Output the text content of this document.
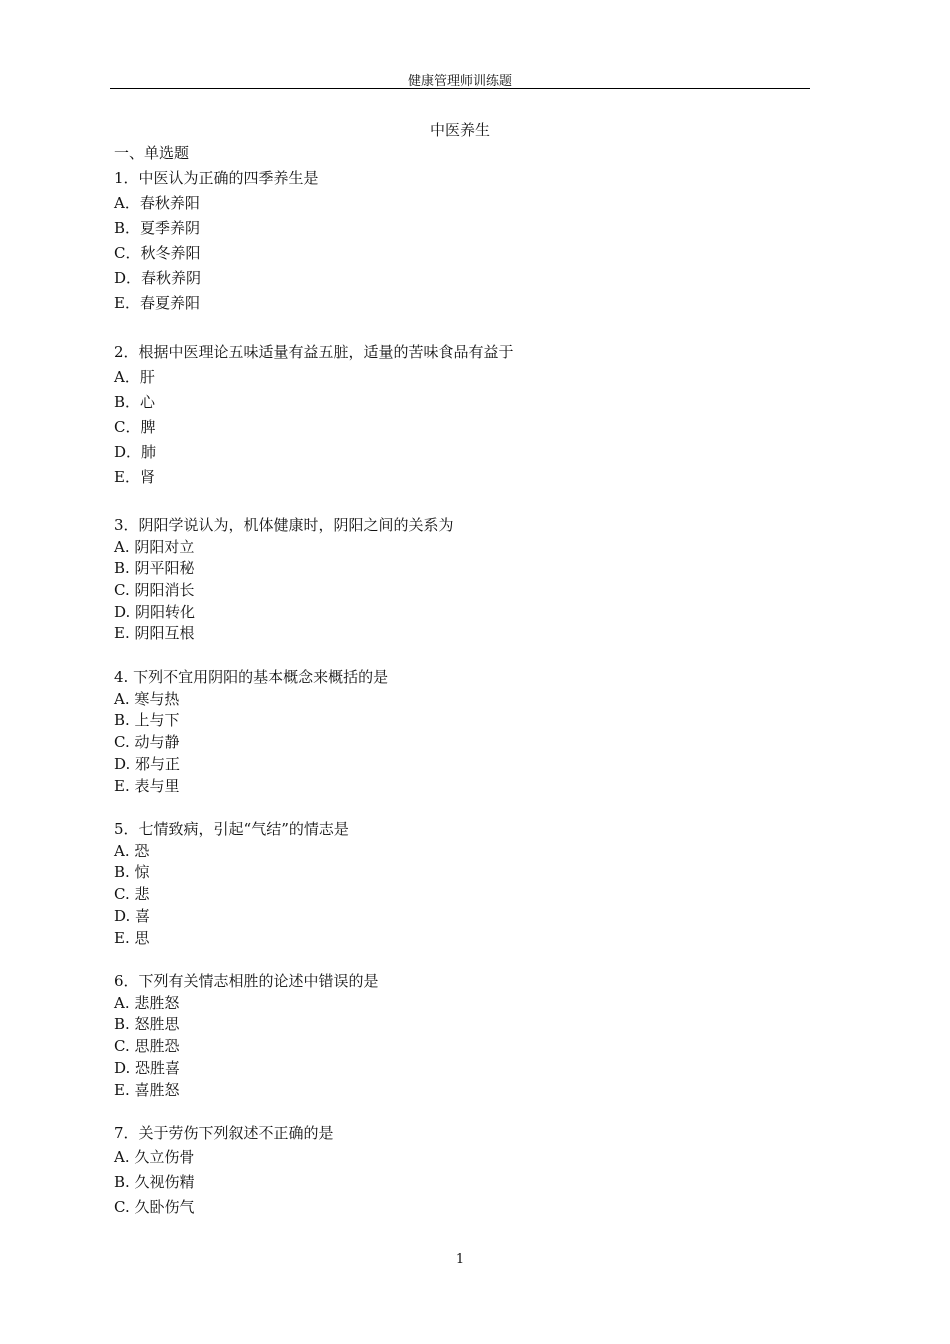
健康管理师训练题
中医养生
一、单选题
1．中医认为正确的四季养生是
A．春秋养阳
B．夏季养阴
C．秋冬养阳
D．春秋养阴
E．春夏养阳
2．根据中医理论五味适量有益五脏，适量的苦味食品有益于
A．肝
B．心
C．脾
D．肺
E．肾
3．阴阳学说认为，机体健康时，阴阳之间的关系为
A. 阴阳对立
B. 阴平阳秘
C. 阴阳消长
D. 阴阳转化
E. 阴阳互根
4. 下列不宜用阴阳的基本概念来概括的是
A. 寒与热
B. 上与下
C. 动与静
D. 邪与正
E. 表与里
5．七情致病，引起“气结”的情志是
A. 恐
B. 惊
C. 悲
D. 喜
E. 思
6．下列有关情志相胜的论述中错误的是
A. 悲胜怒
B. 怒胜思
C. 思胜恐
D. 恐胜喜
E. 喜胜怒
7．关于劳伤下列叙述不正确的是
A. 久立伤骨
B. 久视伤精
C. 久卧伤气
1
